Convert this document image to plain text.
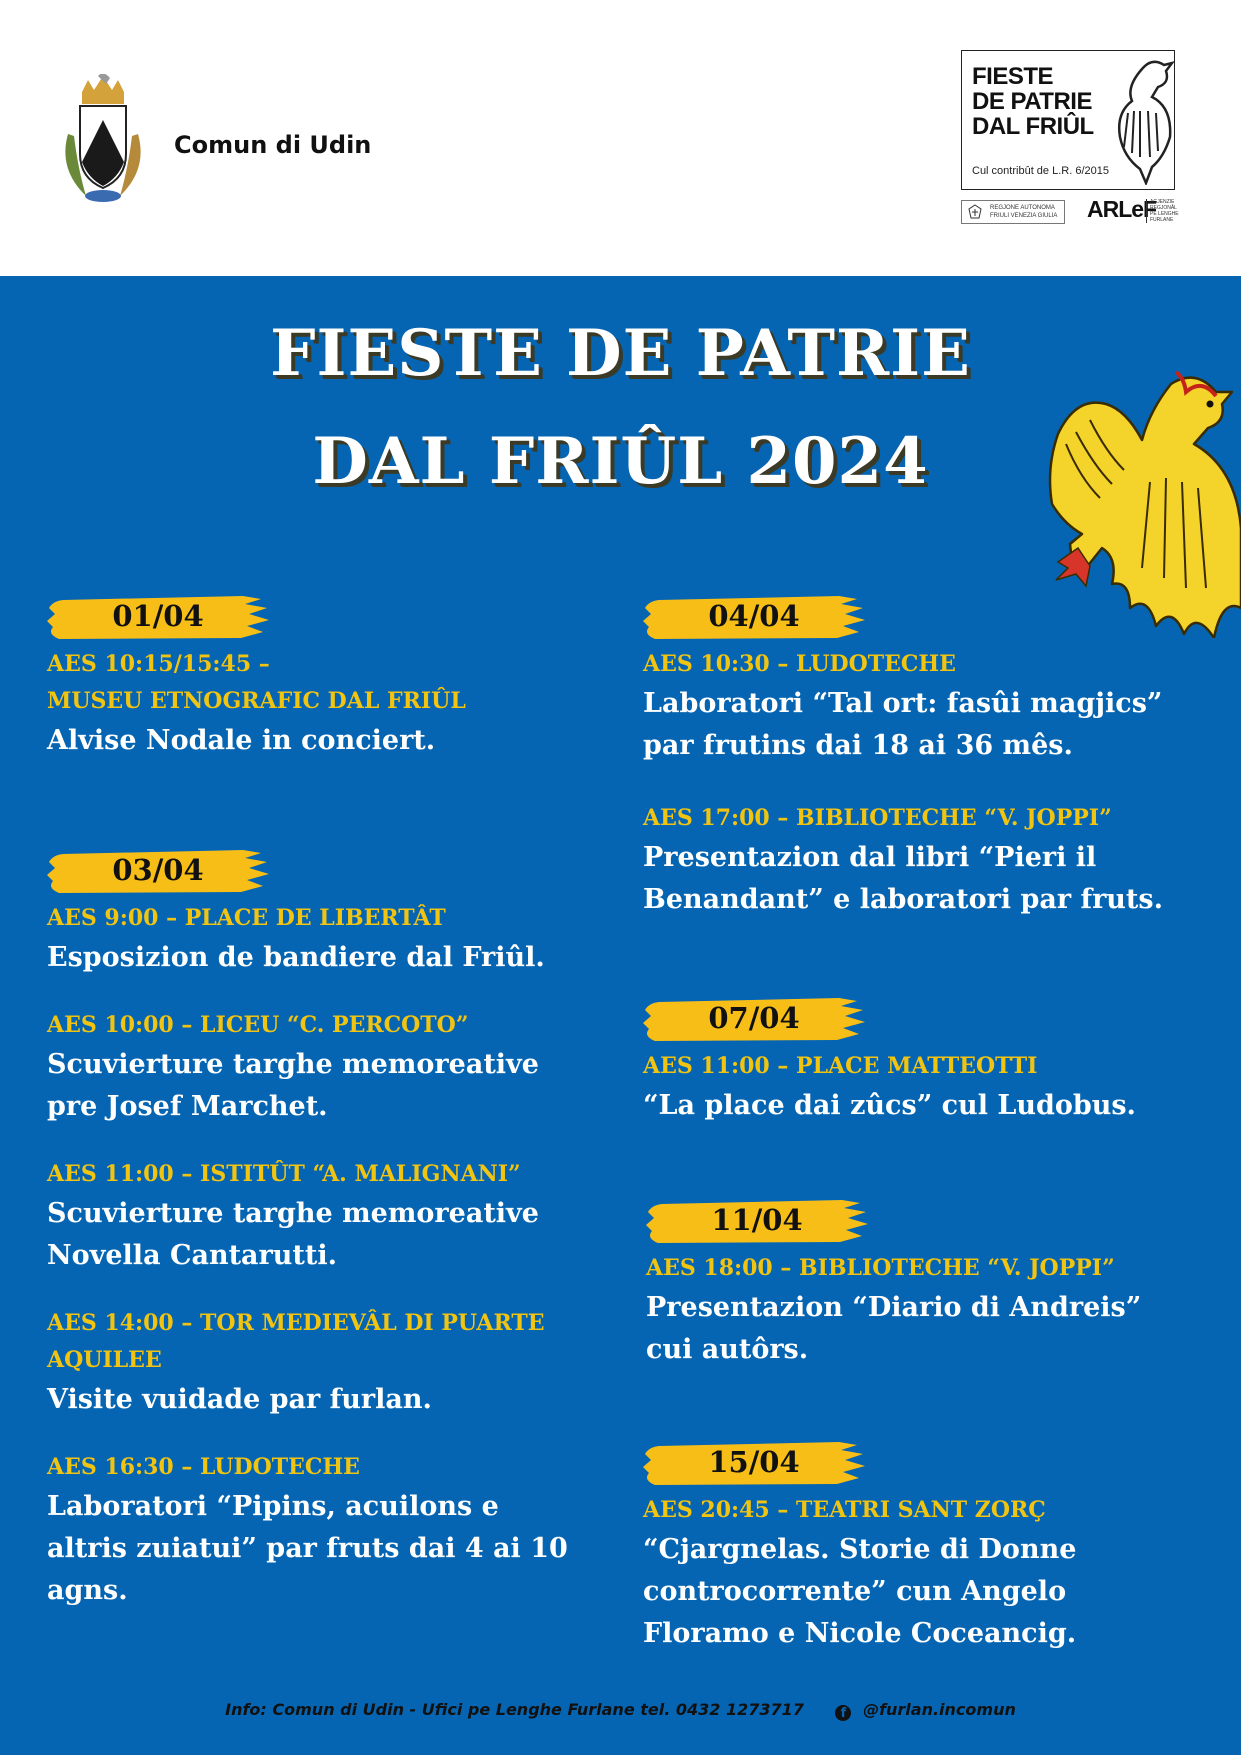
Comun di Udin
FIESTE
DE PATRIE
DAL FRIÛL
Cul contribût de L.R. 6/2015
REGJONE AUTONOMA
FRIULI VENEZIA GIULIA ARLeF
AGJENZIE REGJONÂL PE LENGHE FURLANE
FIESTE DE PATRIE
DAL FRIÛL 2024
01/04
AES 10:15/15:45 –
MUSEU ETNOGRAFIC DAL FRIÛL
Alvise Nodale in conciert.
03/04
AES 9:00 – PLACE DE LIBERTÂT
Esposizion de bandiere dal Friûl.
AES 10:00 – LICEU “C. PERCOTO”
Scuvierture targhe memoreative
pre Josef Marchet.
AES 11:00 – ISTITÛT “A. MALIGNANI”
Scuvierture targhe memoreative
Novella Cantarutti.
AES 14:00 – TOR MEDIEVÂL DI PUARTE
AQUILEE
Visite vuidade par furlan.
AES 16:30 – LUDOTECHE
Laboratori “Pipins, acuilons e
altris zuiatui” par fruts dai 4 ai 10
agns.
04/04
AES 10:30 – LUDOTECHE
Laboratori “Tal ort: fasûi magjics”
par frutins dai 18 ai 36 mês.
AES 17:00 – BIBLIOTECHE “V. JOPPI”
Presentazion dal libri “Pieri il
Benandant” e laboratori par fruts.
07/04
AES 11:00 – PLACE MATTEOTTI
“La place dai zûcs” cul Ludobus.
11/04
AES 18:00 – BIBLIOTECHE “V. JOPPI”
Presentazion “Diario di Andreis”
cui autôrs.
15/04
AES 20:45 – TEATRI SANT ZORÇ
“Cjargnelas. Storie di Donne
controcorrente” cun Angelo
Floramo e Nicole Coceancig.
Info: Comun di Udin - Ufici pe Lenghe Furlane tel. 0432 1273717	f @furlan.incomun
